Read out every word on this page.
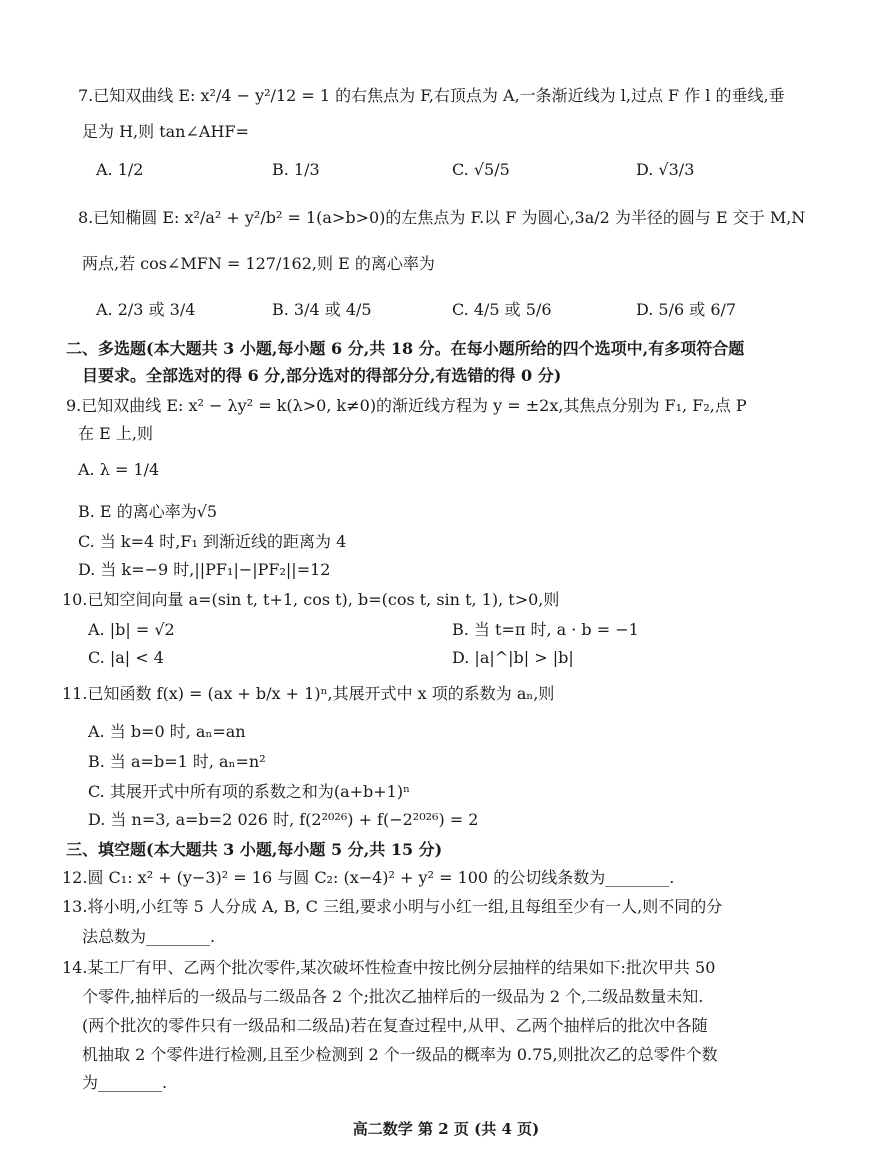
7.已知双曲线 E: x²/4 − y²/12 = 1 的右焦点为 F,右顶点为 A,一条渐近线为 l,过点 F 作 l 的垂线,垂
足为 H,则 tan∠AHF=
A. 1/2	B. 1/3	C. √5/5	D. √3/3
8.已知椭圆 E: x²/a² + y²/b² = 1(a>b>0)的左焦点为 F.以 F 为圆心,3a/2 为半径的圆与 E 交于 M,N
两点,若 cos∠MFN = 127/162,则 E 的离心率为
A. 2/3 或 3/4	B. 3/4 或 4/5	C. 4/5 或 5/6	D. 5/6 或 6/7
二、多选题(本大题共 3 小题,每小题 6 分,共 18 分。在每小题所给的四个选项中,有多项符合题
目要求。全部选对的得 6 分,部分选对的得部分分,有选错的得 0 分)
9.已知双曲线 E: x² − λy² = k(λ>0, k≠0)的渐近线方程为 y = ±2x,其焦点分别为 F₁, F₂,点 P
在 E 上,则
A. λ = 1/4
B. E 的离心率为√5
C. 当 k=4 时,F₁ 到渐近线的距离为 4
D. 当 k=−9 时,||PF₁|−|PF₂||=12
10.已知空间向量 a=(sin t, t+1, cos t), b=(cos t, sin t, 1), t>0,则
A. |b| = √2	B. 当 t=π 时, a · b = −1
C. |a| < 4	D. |a|^|b| > |b|
11.已知函数 f(x) = (ax + b/x + 1)ⁿ,其展开式中 x 项的系数为 aₙ,则
A. 当 b=0 时, aₙ=an
B. 当 a=b=1 时, aₙ=n²
C. 其展开式中所有项的系数之和为(a+b+1)ⁿ
D. 当 n=3, a=b=2 026 时, f(2²⁰²⁶) + f(−2²⁰²⁶) = 2
三、填空题(本大题共 3 小题,每小题 5 分,共 15 分)
12.圆 C₁: x² + (y−3)² = 16 与圆 C₂: (x−4)² + y² = 100 的公切线条数为________.
13.将小明,小红等 5 人分成 A, B, C 三组,要求小明与小红一组,且每组至少有一人,则不同的分
法总数为________.
14.某工厂有甲、乙两个批次零件,某次破坏性检查中按比例分层抽样的结果如下:批次甲共 50
个零件,抽样后的一级品与二级品各 2 个;批次乙抽样后的一级品为 2 个,二级品数量未知.
(两个批次的零件只有一级品和二级品)若在复查过程中,从甲、乙两个抽样后的批次中各随
机抽取 2 个零件进行检测,且至少检测到 2 个一级品的概率为 0.75,则批次乙的总零件个数
为________.
高二数学 第 2 页 (共 4 页)
